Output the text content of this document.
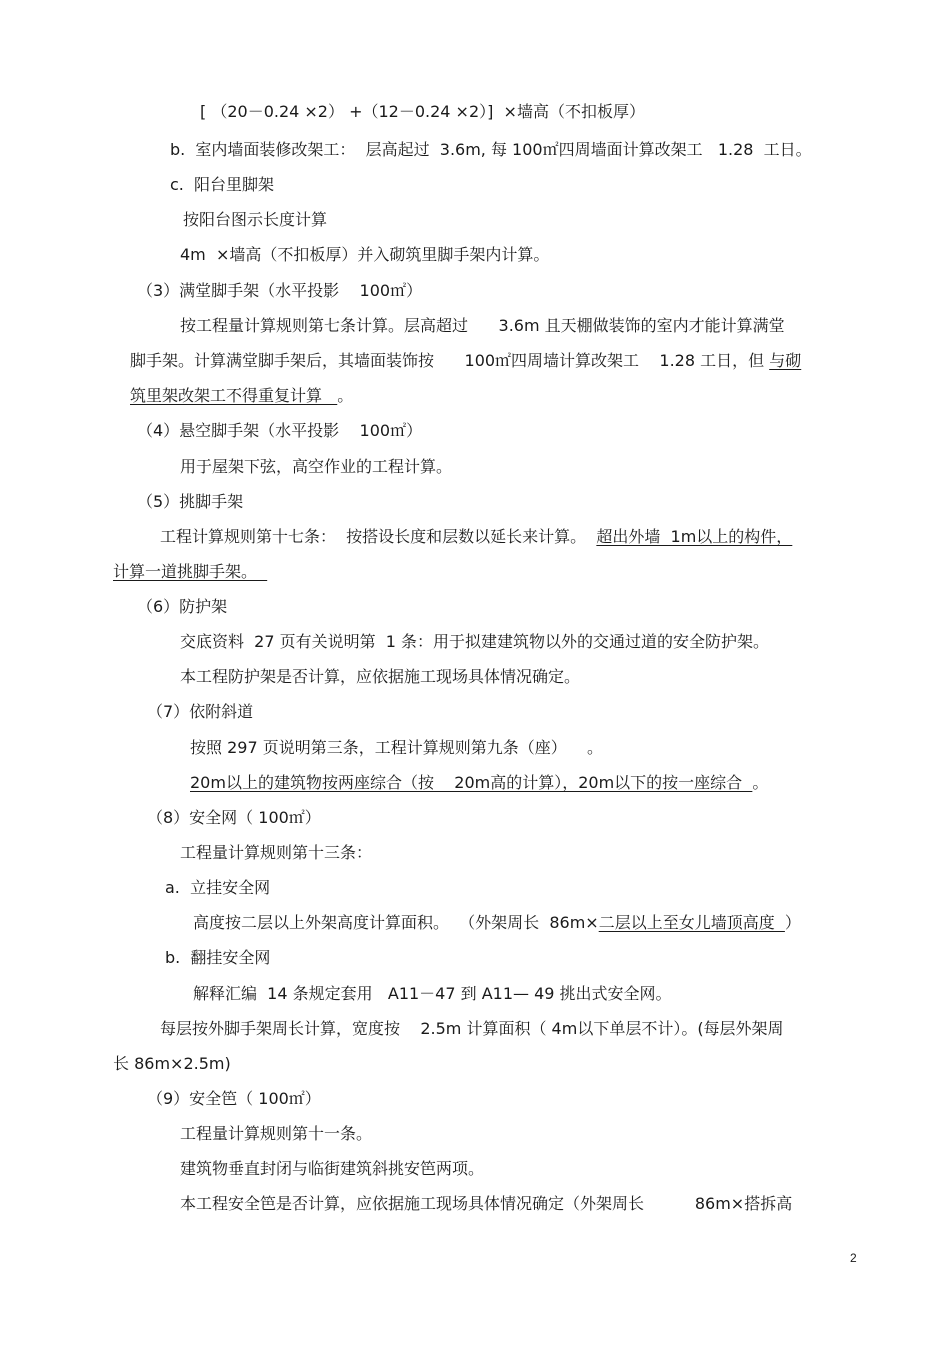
[ （20－0.24 ×2） +（12－0.24 ×2）]  ×墙高（不扣板厚）
b.  室内墙面装修改架工：  层高起过  3.6m, 每 100㎡四周墙面计算改架工   1.28  工日。
c.  阳台里脚架
按阳台图示长度计算
4m  ×墙高（不扣板厚）并入砌筑里脚手架内计算。
（3）满堂脚手架（水平投影    100㎡）
按工程量计算规则第七条计算。层高超过      3.6m 且天棚做装饰的室内才能计算满堂
脚手架。计算满堂脚手架后，其墙面装饰按      100㎡四周墙计算改架工    1.28 工日，但 与砌
筑里架改架工不得重复计算   。
（4）悬空脚手架（水平投影    100㎡）
用于屋架下弦，高空作业的工程计算。
（5）挑脚手架
工程计算规则第十七条：  按搭设长度和层数以延长来计算。  超出外墙  1m以上的构件，
计算一道挑脚手架。
（6）防护架
交底资料  27 页有关说明第  1 条：用于拟建建筑物以外的交通过道的安全防护架。
本工程防护架是否计算，应依据施工现场具体情况确定。
（7）依附斜道
按照 297 页说明第三条，工程计算规则第九条（座）    。
20m以上的建筑物按两座综合（按    20m高的计算），20m以下的按一座综合  。
（8）安全网（ 100㎡）
工程量计算规则第十三条：
a.  立挂安全网
高度按二层以上外架高度计算面积。  （外架周长  86m×二层以上至女儿墙顶高度  ）
b.  翻挂安全网
解释汇编  14 条规定套用   A11－47 到 A11— 49 挑出式安全网。
每层按外脚手架周长计算，宽度按    2.5m 计算面积（ 4m以下单层不计）。(每层外架周
长 86m×2.5m)
（9）安全笆（ 100㎡）
工程量计算规则第十一条。
建筑物垂直封闭与临街建筑斜挑安笆两项。
本工程安全笆是否计算，应依据施工现场具体情况确定（外架周长          86m×搭拆高
2
